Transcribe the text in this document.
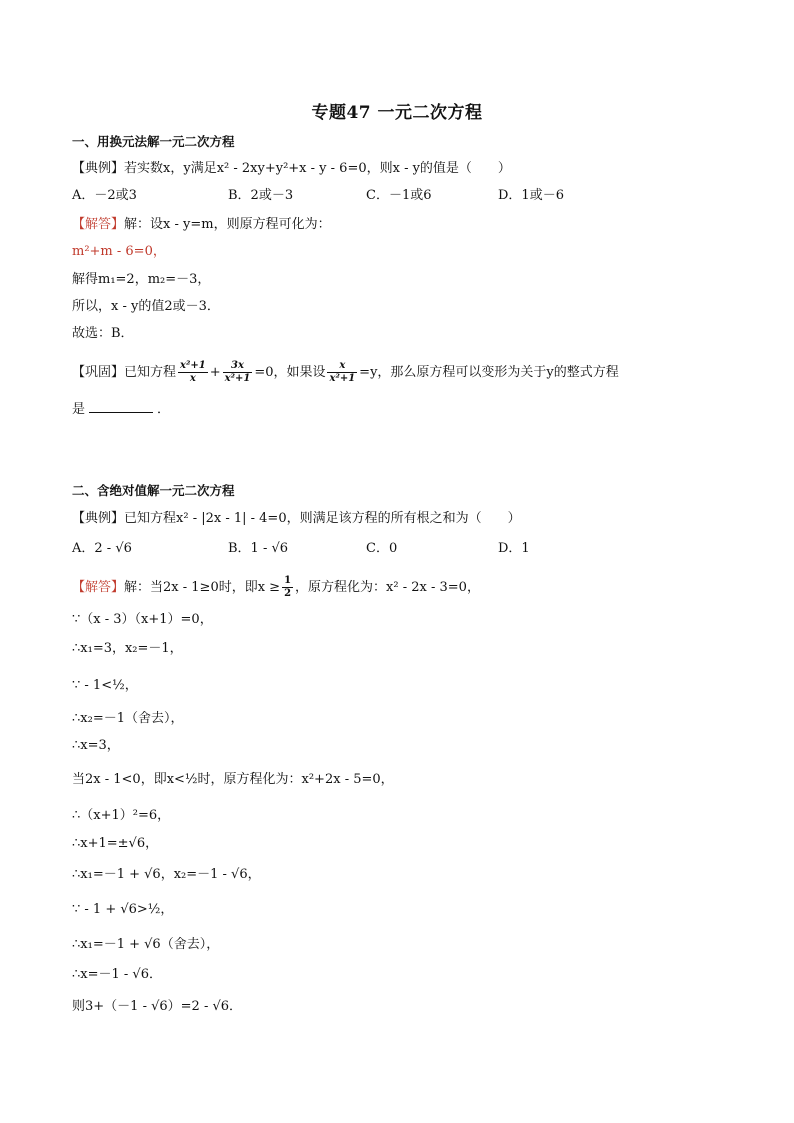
专题47 一元二次方程
一、用换元法解一元二次方程
【典例】若实数x，y满足x² - 2xy+y²+x - y - 6=0，则x - y的值是（　　）
A．－2或3	B．2或－3	C．－1或6	D．1或－6
【解答】解：设x - y=m，则原方程可化为：
m²+m - 6=0，
解得m₁=2，m₂=－3，
所以，x - y的值2或－3．
故选：B．
【巩固】已知方程 $\frac{\text{x²+1}}{x} + \frac{3x}{\text{x²+1}} =0$，如果设 $\frac{x}{\text{x²+1}} =y$，那么原方程可以变形为关于y的整式方程
是	．
二、含绝对值解一元二次方程
【典例】已知方程x² - |2x - 1| - 4=0，则满足该方程的所有根之和为（　　）
A．2 - √6	B．1 - √6	C．0	D．1
【解答】解：当2x - 1≥0时，即$x \ge \frac{1}{2}$ ，原方程化为：x² - 2x - 3=0，
∵（x - 3）（x+1）=0，
∴x₁=3，x₂=－1，
∵ - 1<½，
∴x₂=－1（舍去），
∴x=3，
当2x - 1<0，即x<½时，原方程化为：x²+2x - 5=0，
∴（x+1）²=6，
∴x+1=±√6，
∴x₁=－1 + √6，x₂=－1 - √6，
∵ - 1 + √6>½，
∴x₁=－1 + √6（舍去），
∴x=－1 - √6．
则3+（－1 - √6）=2 - √6．
